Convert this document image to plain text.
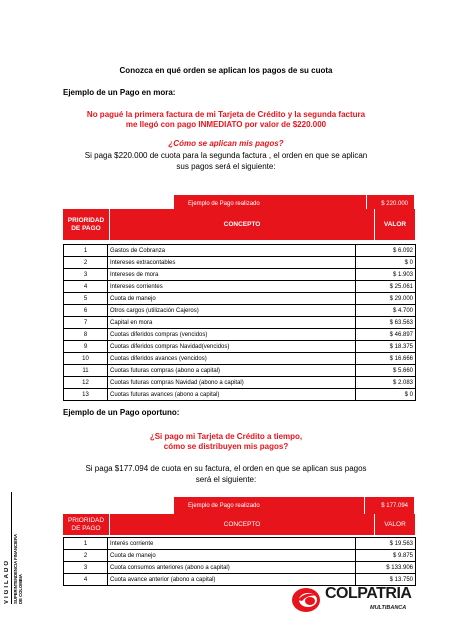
Conozca en qué orden se aplican los pagos de su cuota
Ejemplo de un Pago en mora:
No pagué la primera factura de mi Tarjeta de Crédito y la segunda factura
me llegó con pago INMEDIATO por valor de $220.000
¿Cómo se aplican mis pagos?
Si paga $220.000 de cuota para la segunda factura , el orden en que se aplican
sus pagos será el siguiente:
Ejemplo de Pago realizado	$ 220.000
PRIORIDAD
DE PAGO
CONCEPTO	VALOR
1	Gastos de Cobranza	$ 6.092
2	Intereses extracontables	$ 0
3	Intereses de mora	$ 1.903
4	Intereses corrientes	$ 25.061
5	Cuota de manejo	$ 29.000
6	Otros cargos (utilización Cajeros)	$ 4.700
7	Capital en mora	$ 63.563
8	Cuotas diferidos compras (vencidos)	$ 46.897
9	Cuotas diferidos compras Navidad(vencidos)	$ 18.375
10	Cuotas diferidos avances (vencidos)	$ 16.666
11	Cuotas futuras compras (abono a capital)	$ 5.660
12	Cuotas futuras compras Navidad (abono a capital)	$ 2.083
13	Cuotas futuras avances (abono a capital)	$ 0
Ejemplo de un Pago oportuno:
¿Si pago mi Tarjeta de Crédito a tiempo,
cómo se distribuyen mis pagos?
Si paga $177.094 de cuota en su factura, el orden en que se aplican sus pagos
será el siguiente:
Ejemplo de Pago realizado	$ 177.094
PRIORIDAD
DE PAGO
CONCEPTO	VALOR
1	Interés corriente	$ 19.563
2	Cuota de manejo	$ 9.875
3	Cuota consumos anteriores (abono a capital)	$ 133.906
4	Cuota avance anterior (abono a capital)	$ 13.750
VIGILADO SUPERINTENDENCIA FINANCIERA DE COLOMBIA	COLPATRIA
MULTIBANCA
